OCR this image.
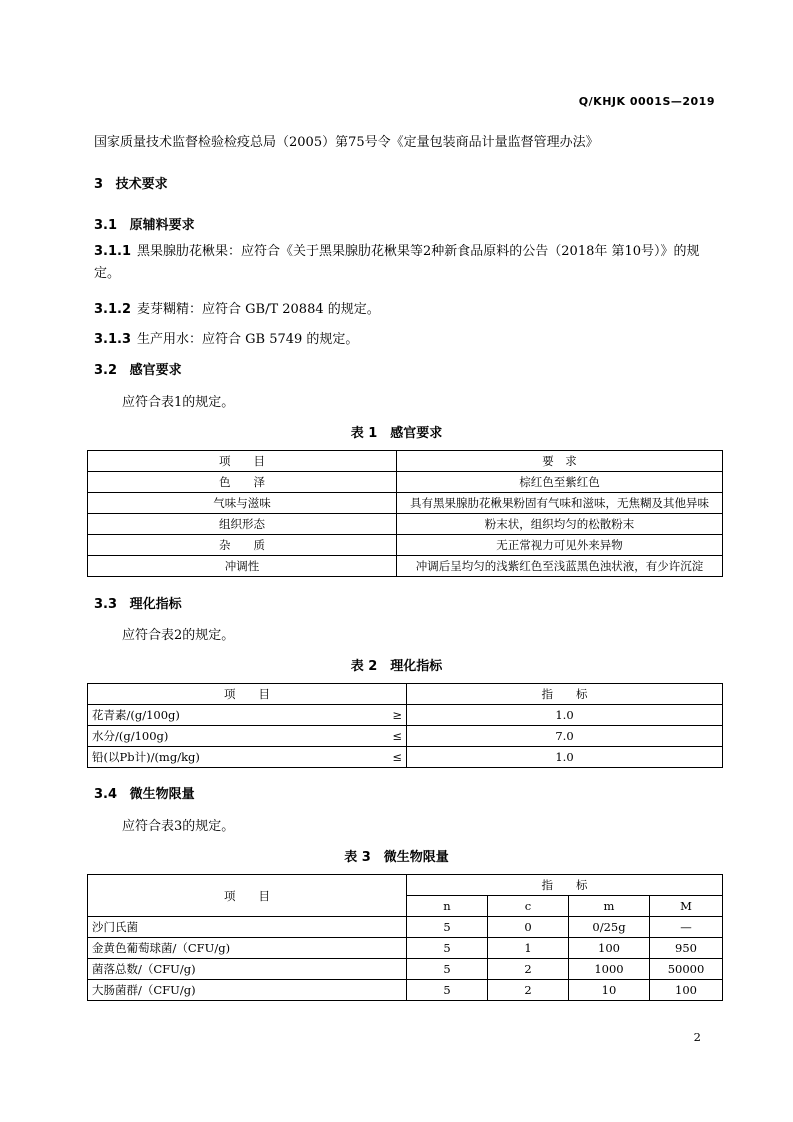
Q/KHJK 0001S—2019
国家质量技术监督检验检疫总局（2005）第75号令《定量包装商品计量监督管理办法》
3 技术要求
3.1 原辅料要求
3.1.1 黑果腺肋花楸果：应符合《关于黑果腺肋花楸果等2种新食品原料的公告（2018年 第10号）》的规定。
3.1.2 麦芽糊精：应符合 GB/T 20884 的规定。
3.1.3 生产用水：应符合 GB 5749 的规定。
3.2 感官要求
应符合表1的规定。
表 1　感官要求
项　　目	要　求
色　　泽	棕红色至紫红色
气味与滋味	具有黑果腺肋花楸果粉固有气味和滋味，无焦糊及其他异味
组织形态	粉末状，组织均匀的松散粉末
杂　　质	无正常视力可见外来异物
冲调性	冲调后呈均匀的浅紫红色至浅蓝黑色浊状液，有少许沉淀
3.3 理化指标
应符合表2的规定。
表 2　理化指标
项　　目	指　　标
花青素/(g/100g) ≥	1.0
水分/(g/100g) ≤	7.0
铅(以Pb计)/(mg/kg) ≤	1.0
3.4 微生物限量
应符合表3的规定。
表 3　微生物限量
项　　目	指　　标			
	n	c	m	M
沙门氏菌	5	0	0/25g	—
金黄色葡萄球菌/（CFU/g)	5	1	100	950
菌落总数/（CFU/g)	5	2	1000	50000
大肠菌群/（CFU/g)	5	2	10	100
2
